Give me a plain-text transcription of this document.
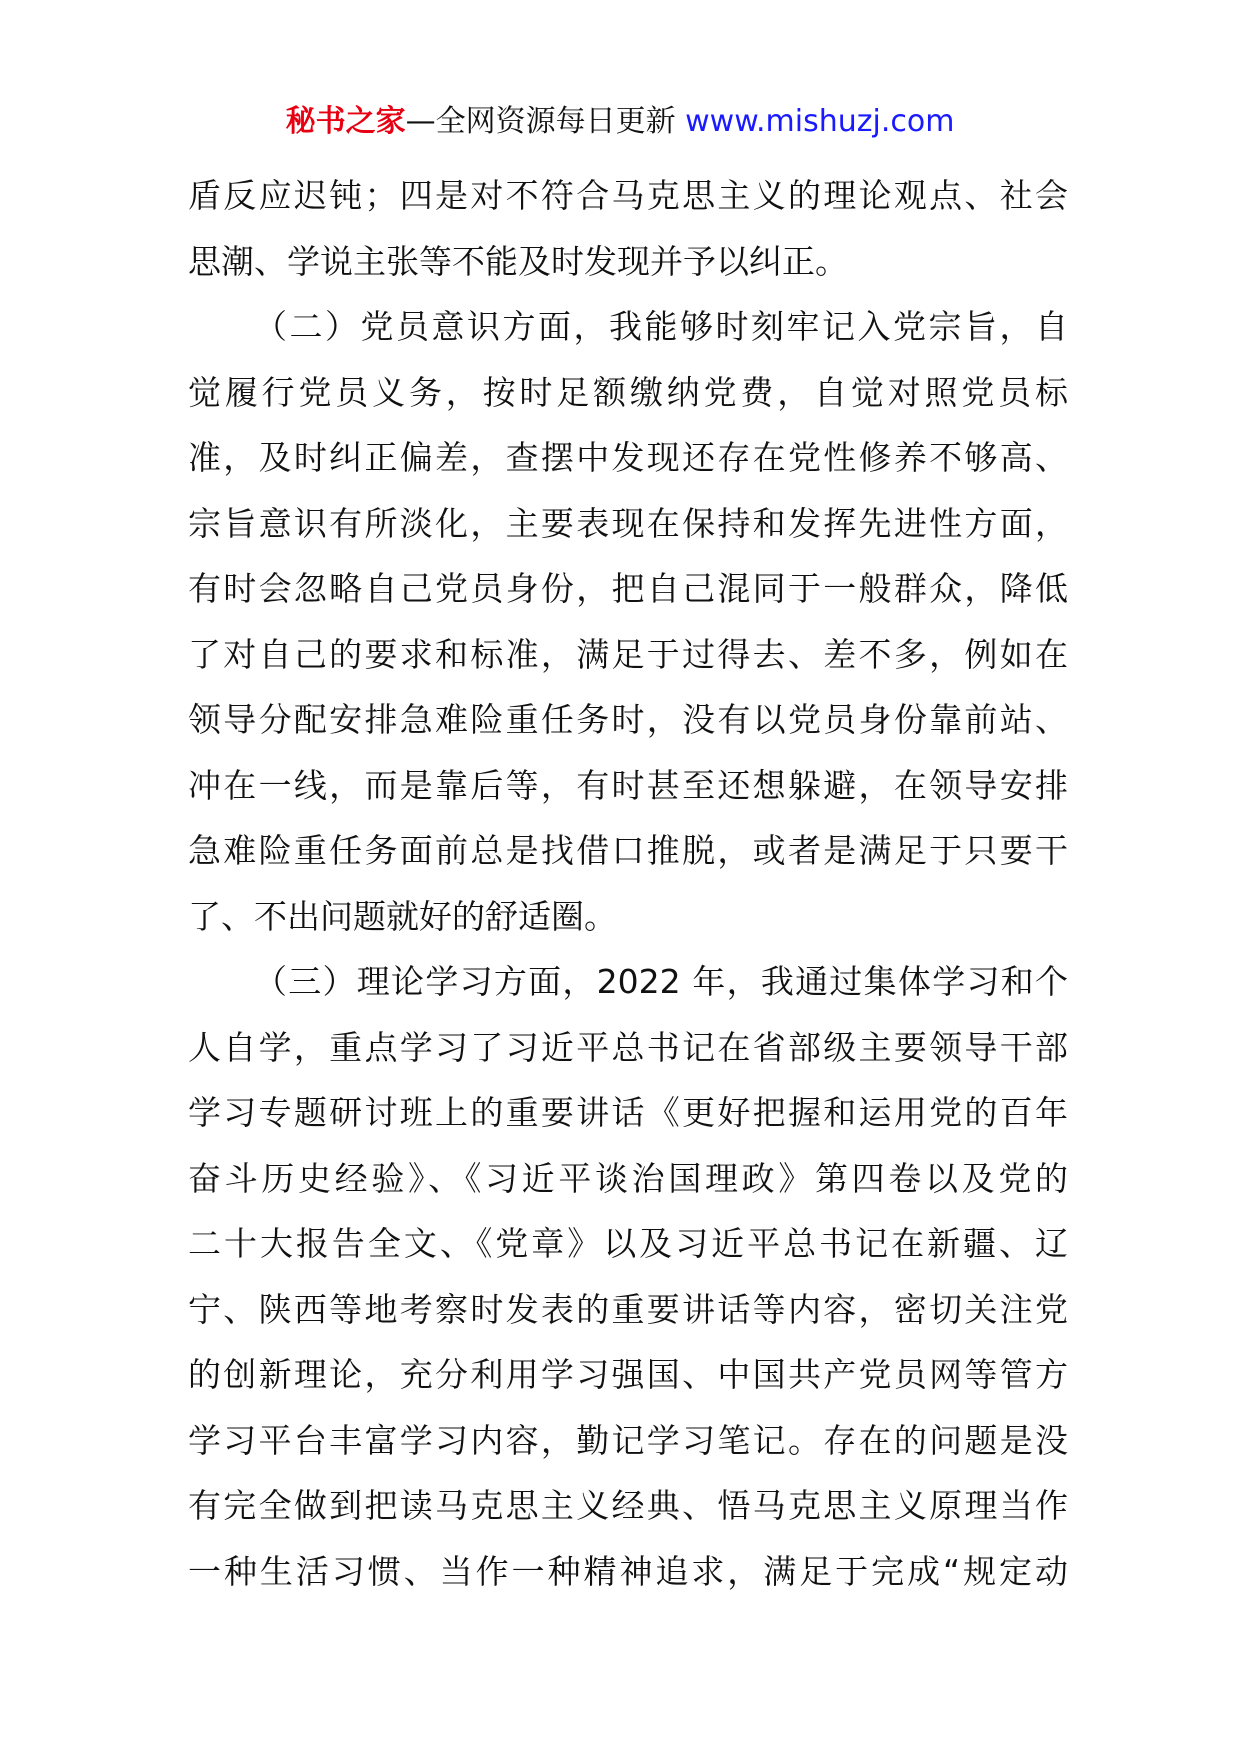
秘书之家—全网资源每日更新 www.mishuzj.com
盾反应迟钝；四是对不符合马克思主义的理论观点、社会
思潮、学说主张等不能及时发现并予以纠正。
（二）党员意识方面，我能够时刻牢记入党宗旨，自
觉履行党员义务，按时足额缴纳党费，自觉对照党员标
准，及时纠正偏差，查摆中发现还存在党性修养不够高、
宗旨意识有所淡化，主要表现在保持和发挥先进性方面，
有时会忽略自己党员身份，把自己混同于一般群众，降低
了对自己的要求和标准，满足于过得去、差不多，例如在
领导分配安排急难险重任务时，没有以党员身份靠前站、
冲在一线，而是靠后等，有时甚至还想躲避，在领导安排
急难险重任务面前总是找借口推脱，或者是满足于只要干
了、不出问题就好的舒适圈。
（三）理论学习方面，2022 年，我通过集体学习和个
人自学，重点学习了习近平总书记在省部级主要领导干部
学习专题研讨班上的重要讲话《更好把握和运用党的百年
奋斗历史经验》、《习近平谈治国理政》第四卷以及党的
二十大报告全文、《党章》以及习近平总书记在新疆、辽
宁、陕西等地考察时发表的重要讲话等内容，密切关注党
的创新理论，充分利用学习强国、中国共产党员网等管方
学习平台丰富学习内容，勤记学习笔记。存在的问题是没
有完全做到把读马克思主义经典、悟马克思主义原理当作
一种生活习惯、当作一种精神追求，满足于完成“规定动
